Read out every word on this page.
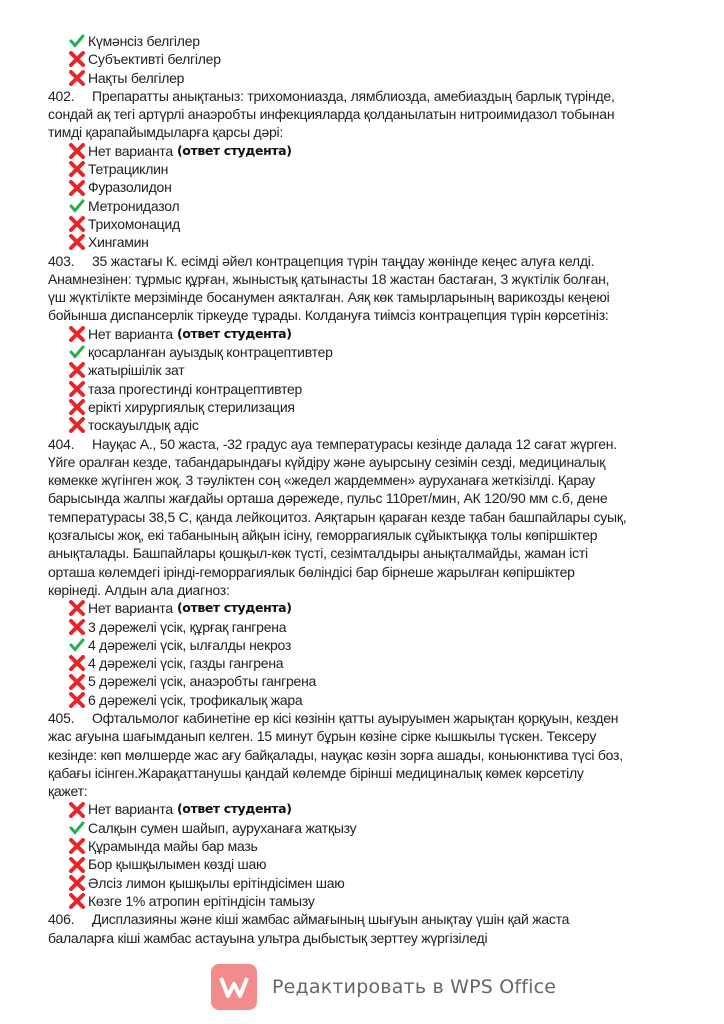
Күмәнсіз белгілер
Субъективті белгілер
Нақты белгілер
402. Препаратты анықтаныз: трихомониазда, лямблиозда, амебиаздың барлық түрінде,
сондай ақ тегі артүрлі анаэробты инфекцияларда қолданылатын нитроимидазол тобынан
тимді қарапайымдыларға қарсы дәрі:
Нет варианта (ответ студента)
Тетрациклин
Фуразолидон
Метронидазол
Трихомонацид
Хингамин
403. 35 жастағы К. есімді әйел контрацепция түрін таңдау жөнінде кеңес алуға келді.
Анамнезінен: тұрмыс құрған, жыныстық қатынасты 18 жастан бастаған, 3 жүктілік болған,
үш жүктілікте мерзімінде босанумен аякталған. Аяқ көк тамырларының варикозды кеңеюі
бойынша диспансерлік тіркеуде тұрады. Колдануға тиімсіз контрацепция түрін көрсетініз:
Нет варианта (ответ студента)
қосарланған ауыздық контрацептивтер
жатырішілік зат
таза прогестинді контрацептивтер
ерікті хирургиялық стерилизация
тоскауылдық адіс
404. Науқас А., 50 жаста, -32 градус ауа температурасы кезінде далада 12 сағат жүрген.
Үйге оралған кезде, табандарындағы күйдіру және ауырсыну сезімін сезді, медициналық
көмекке жүгінген жоқ. 3 тәуліктен соң «жедел жардеммен» ауруханаға жеткізілді. Қарау
барысында жалпы жағдайы орташа дәрежеде, пульс 110рет/мин, АК 120/90 мм с.б, дене
температурасы 38,5 С, қанда лейкоцитоз. Аяқтарын қараған кезде табан башпайлары суық,
қозғалысы жоқ, екі табанының айқын ісіну, геморрагиялык сұйыктыққа толы көпіршіктер
анықталады. Башпайлары қошқыл-көк түсті, сезімталдыры анықталмайды, жаман істі
орташа көлемдегі ірінді-геморрагиялык бөліндісі бар бірнеше жарылған көпіршіктер
көрінеді. Алдын ала диагноз:
Нет варианта (ответ студента)
3 дәрежелі үсік, құрғақ гангрена
4 дәрежелі үсік, ылғалды некроз
4 дәрежелі үсік, газды гангрена
5 дәрежелі үсік, анаэробты гангрена
6 дәрежелі үсік, трофикалық жара
405. Офтальмолог кабинетіне ер кісі көзінін қатты ауыруымен жарықтан қорқуын, кезден
жас ағуына шағымданып келген. 15 минут бұрын көзіне сірке кышкылы түскен. Тексеру
кезінде: көп мөлшерде жас ағу байқалады, науқас көзін зорға ашады, коньюнктива түсі боз,
қабағы ісінген.Жарақаттанушы қандай көлемде бірінші медициналық көмек көрсетілу
қажет:
Нет варианта (ответ студента)
Салқын сумен шайып, ауруханаға жатқызу
Құрамында майы бар мазь
Бор қышқылымен көзді шаю
Әлсіз лимон қышқылы ерітіндісімен шаю
Көзге 1% атропин ерітіндісін тамызу
406. Дисплазияны және кіші жамбас аймағының шығуын анықтау үшін қай жаста
балаларға кіші жамбас астауына ультра дыбыстық зерттеу жүргізіледі
Редактировать в WPS Office
